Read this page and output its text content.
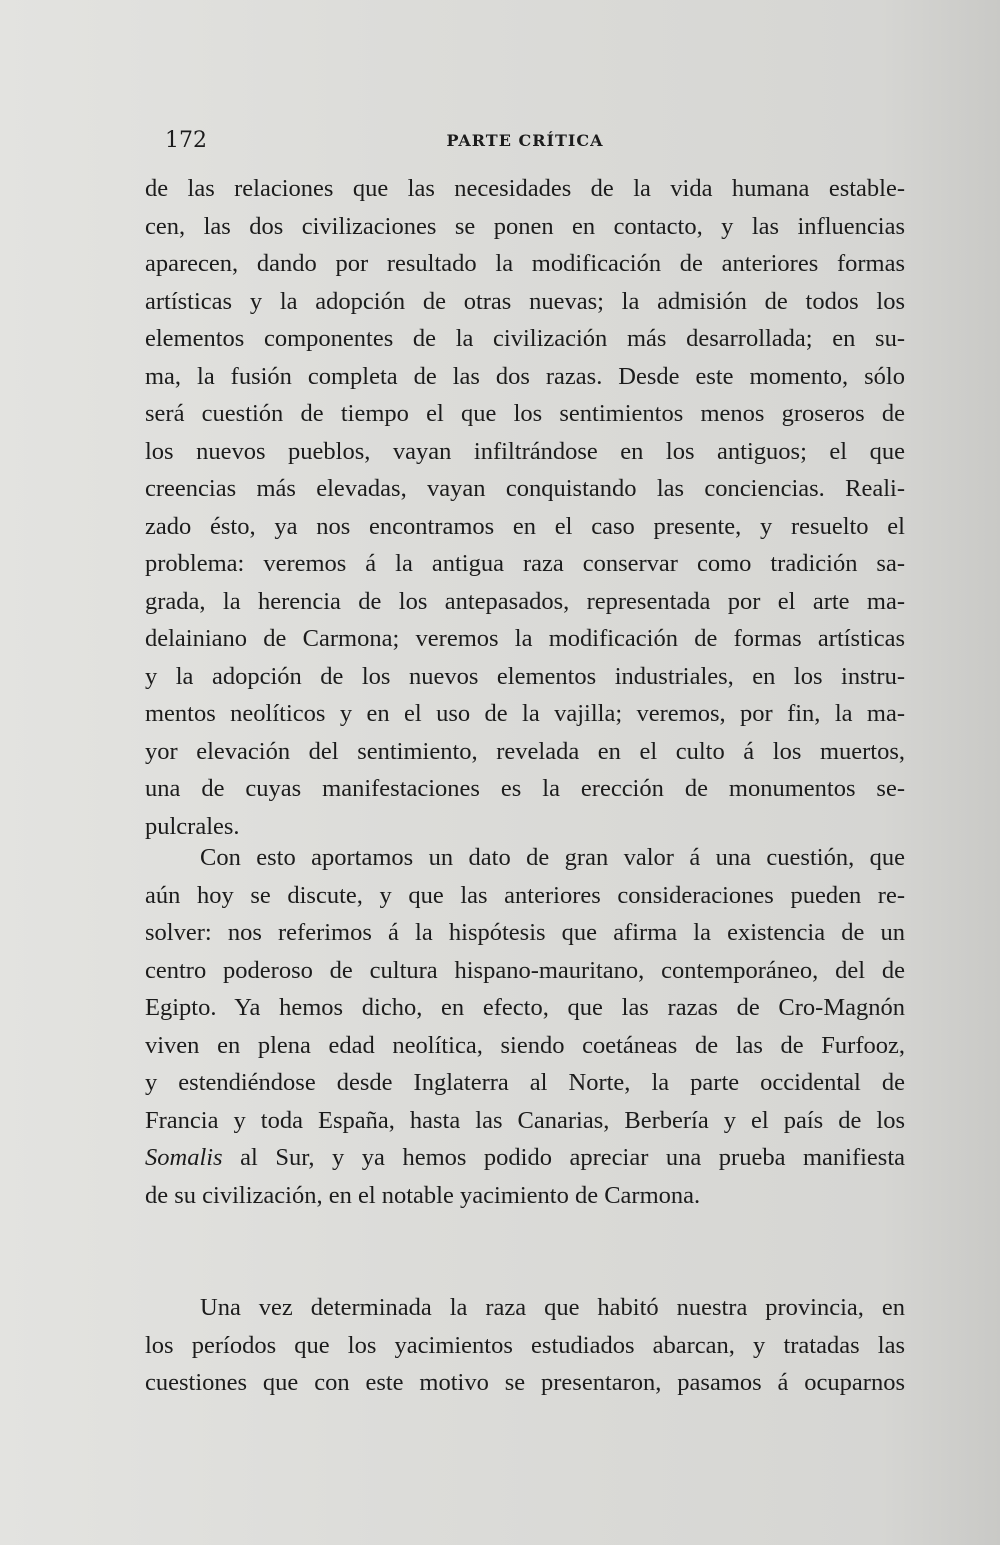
172	PARTE CRÍTICA
de las relaciones que las necesidades de la vida humana estable-
cen, las dos civilizaciones se ponen en contacto, y las influencias
aparecen, dando por resultado la modificación de anteriores formas
artísticas y la adopción de otras nuevas; la admisión de todos los
elementos componentes de la civilización más desarrollada; en su-
ma, la fusión completa de las dos razas. Desde este momento, sólo
será cuestión de tiempo el que los sentimientos menos groseros de
los nuevos pueblos, vayan infiltrándose en los antiguos; el que
creencias más elevadas, vayan conquistando las conciencias. Reali-
zado ésto, ya nos encontramos en el caso presente, y resuelto el
problema: veremos á la antigua raza conservar como tradición sa-
grada, la herencia de los antepasados, representada por el arte ma-
delainiano de Carmona; veremos la modificación de formas artísticas
y la adopción de los nuevos elementos industriales, en los instru-
mentos neolíticos y en el uso de la vajilla; veremos, por fin, la ma-
yor elevación del sentimiento, revelada en el culto á los muertos,
una de cuyas manifestaciones es la erección de monumentos se-
pulcrales.
Con esto aportamos un dato de gran valor á una cuestión, que
aún hoy se discute, y que las anteriores consideraciones pueden re-
solver: nos referimos á la hispótesis que afirma la existencia de un
centro poderoso de cultura hispano-mauritano, contemporáneo, del de
Egipto. Ya hemos dicho, en efecto, que las razas de Cro-Magnón
viven en plena edad neolítica, siendo coetáneas de las de Furfooz,
y estendiéndose desde Inglaterra al Norte, la parte occidental de
Francia y toda España, hasta las Canarias, Berbería y el país de los
Somalis al Sur, y ya hemos podido apreciar una prueba manifiesta
de su civilización, en el notable yacimiento de Carmona.
Una vez determinada la raza que habitó nuestra provincia, en
los períodos que los yacimientos estudiados abarcan, y tratadas las
cuestiones que con este motivo se presentaron, pasamos á ocuparnos
